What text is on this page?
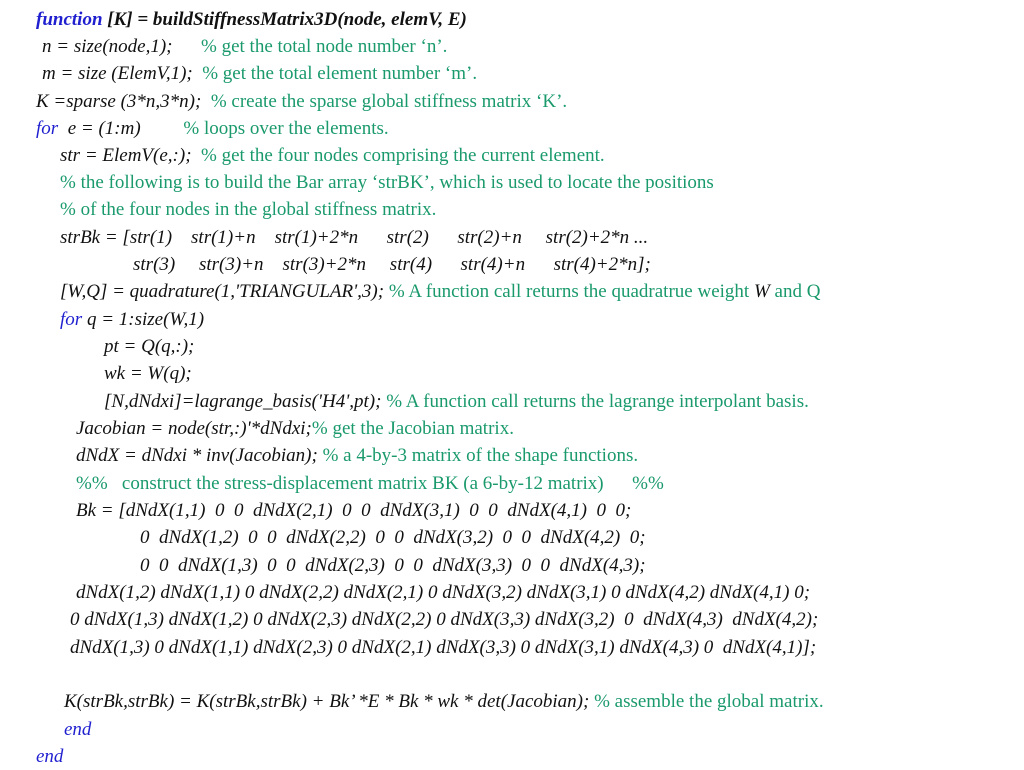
function [K] = buildStiffnessMatrix3D(node, elemV, E)
n = size(node,1);      % get the total node number ‘n’.
m = size (ElemV,1);  % get the total element number ‘m’.
K =sparse (3*n,3*n);  % create the sparse global stiffness matrix ‘K’.
for  e = (1:m)         % loops over the elements.
str = ElemV(e,:);  % get the four nodes comprising the current element.
% the following is to build the Bar array ‘strBK’, which is used to locate the positions
% of the four nodes in the global stiffness matrix.
strBk = [str(1)    str(1)+n    str(1)+2*n      str(2)      str(2)+n     str(2)+2*n ...
str(3)     str(3)+n    str(3)+2*n     str(4)      str(4)+n      str(4)+2*n];
[W,Q] = quadrature(1,'TRIANGULAR',3); % A function call returns the quadratrue weight W and Q
for q = 1:size(W,1)
pt = Q(q,:);
wk = W(q);
[N,dNdxi]=lagrange_basis('H4',pt); % A function call returns the lagrange interpolant basis.
Jacobian = node(str,:)'*dNdxi;% get the Jacobian matrix.
dNdX = dNdxi * inv(Jacobian); % a 4-by-3 matrix of the shape functions.
%%   construct the stress-displacement matrix BK (a 6-by-12 matrix)      %%
Bk = [dNdX(1,1)  0  0  dNdX(2,1)  0  0  dNdX(3,1)  0  0  dNdX(4,1)  0  0;
0  dNdX(1,2)  0  0  dNdX(2,2)  0  0  dNdX(3,2)  0  0  dNdX(4,2)  0;
0  0  dNdX(1,3)  0  0  dNdX(2,3)  0  0  dNdX(3,3)  0  0  dNdX(4,3);
dNdX(1,2) dNdX(1,1) 0 dNdX(2,2) dNdX(2,1) 0 dNdX(3,2) dNdX(3,1) 0 dNdX(4,2) dNdX(4,1) 0;
0 dNdX(1,3) dNdX(1,2) 0 dNdX(2,3) dNdX(2,2) 0 dNdX(3,3) dNdX(3,2)  0  dNdX(4,3)  dNdX(4,2);
dNdX(1,3) 0 dNdX(1,1) dNdX(2,3) 0 dNdX(2,1) dNdX(3,3) 0 dNdX(3,1) dNdX(4,3) 0  dNdX(4,1)];
K(strBk,strBk) = K(strBk,strBk) + Bk’ *E * Bk * wk * det(Jacobian); % assemble the global matrix.
end
end
